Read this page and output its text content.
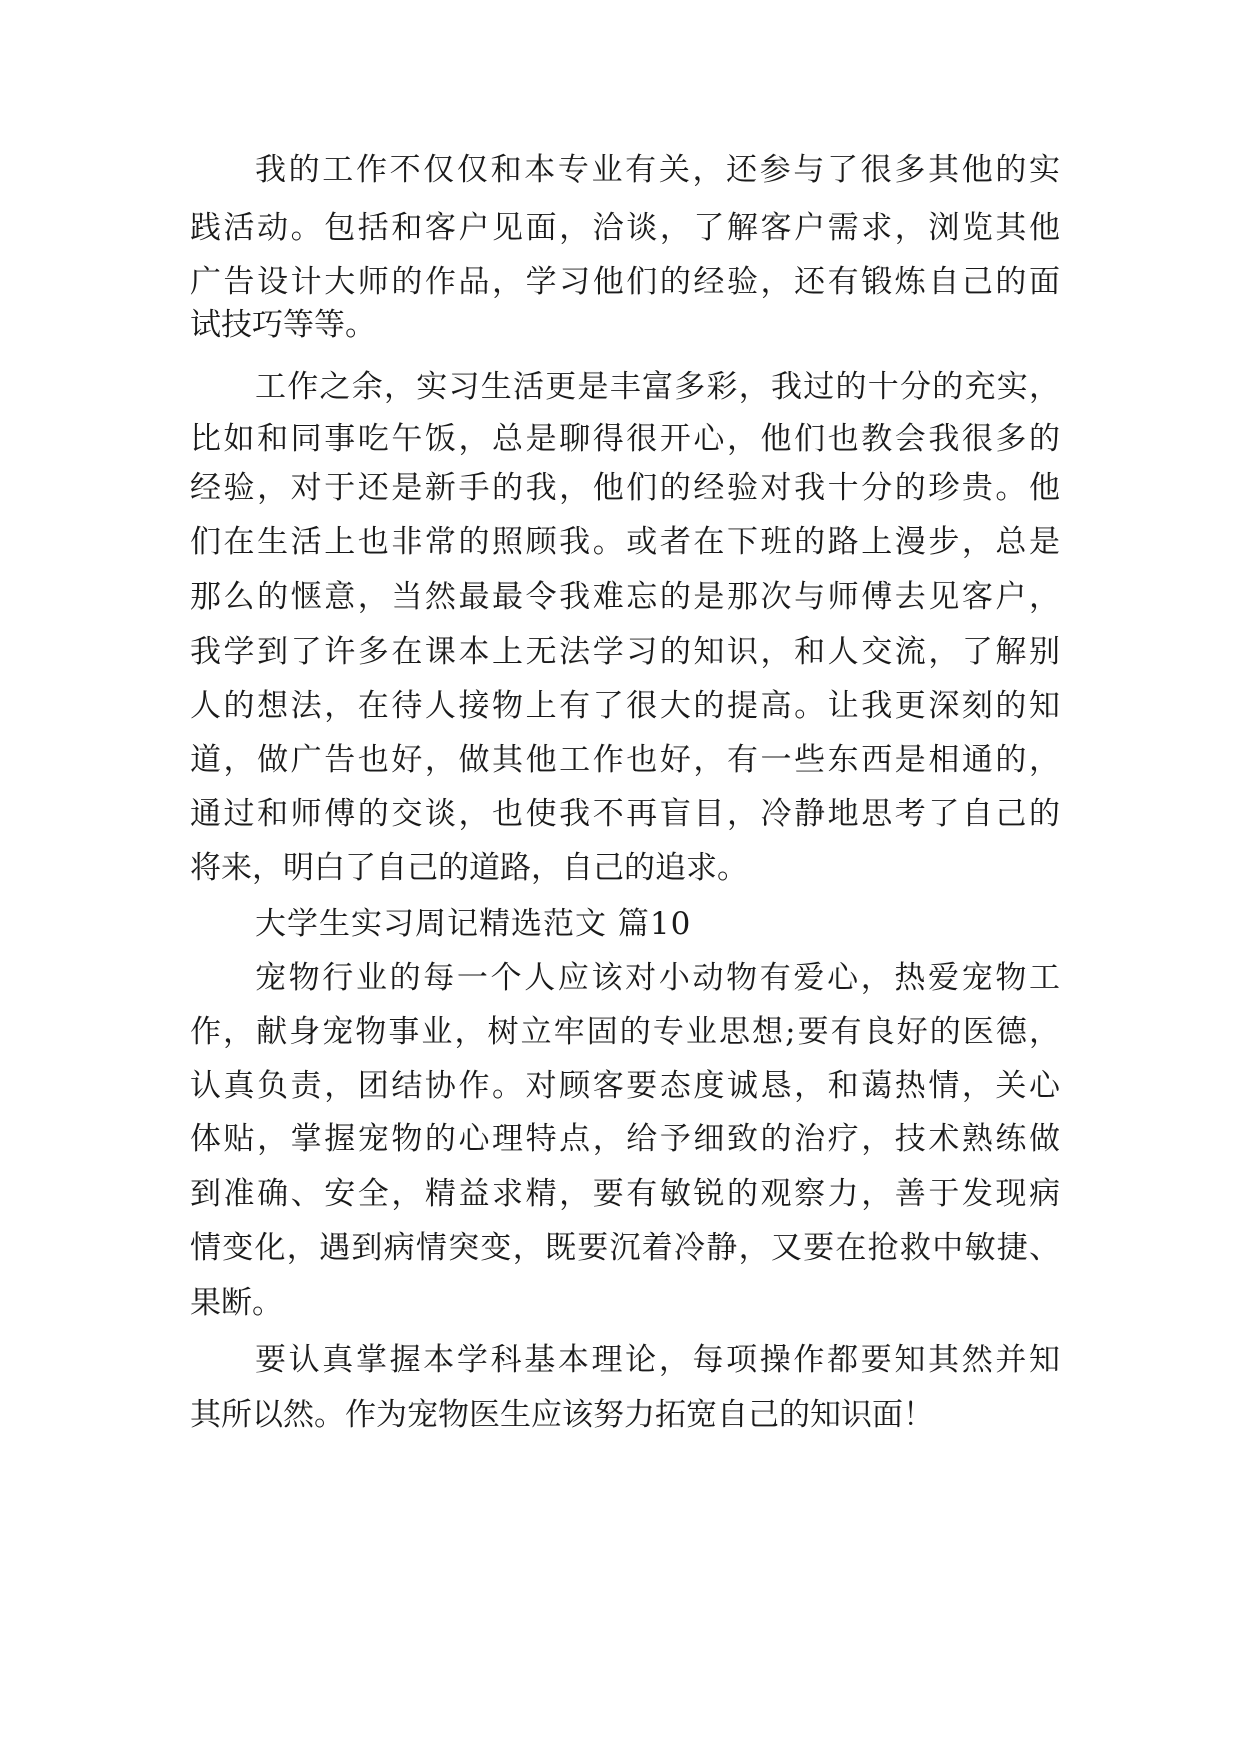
我的工作不仅仅和本专业有关，还参与了很多其他的实
践活动。包括和客户见面，洽谈，了解客户需求，浏览其他
广告设计大师的作品，学习他们的经验，还有锻炼自己的面
试技巧等等。
工作之余，实习生活更是丰富多彩，我过的十分的充实，
比如和同事吃午饭，总是聊得很开心，他们也教会我很多的
经验，对于还是新手的我，他们的经验对我十分的珍贵。他
们在生活上也非常的照顾我。或者在下班的路上漫步，总是
那么的惬意，当然最最令我难忘的是那次与师傅去见客户，
我学到了许多在课本上无法学习的知识，和人交流，了解别
人的想法，在待人接物上有了很大的提高。让我更深刻的知
道，做广告也好，做其他工作也好，有一些东西是相通的，
通过和师傅的交谈，也使我不再盲目，冷静地思考了自己的
将来，明白了自己的道路，自己的追求。
大学生实习周记精选范文 篇10
宠物行业的每一个人应该对小动物有爱心，热爱宠物工
作，献身宠物事业，树立牢固的专业思想;要有良好的医德，
认真负责，团结协作。对顾客要态度诚恳，和蔼热情，关心
体贴，掌握宠物的心理特点，给予细致的治疗，技术熟练做
到准确、安全，精益求精，要有敏锐的观察力，善于发现病
情变化，遇到病情突变，既要沉着冷静，又要在抢救中敏捷、
果断。
要认真掌握本学科基本理论，每项操作都要知其然并知
其所以然。作为宠物医生应该努力拓宽自己的知识面！
